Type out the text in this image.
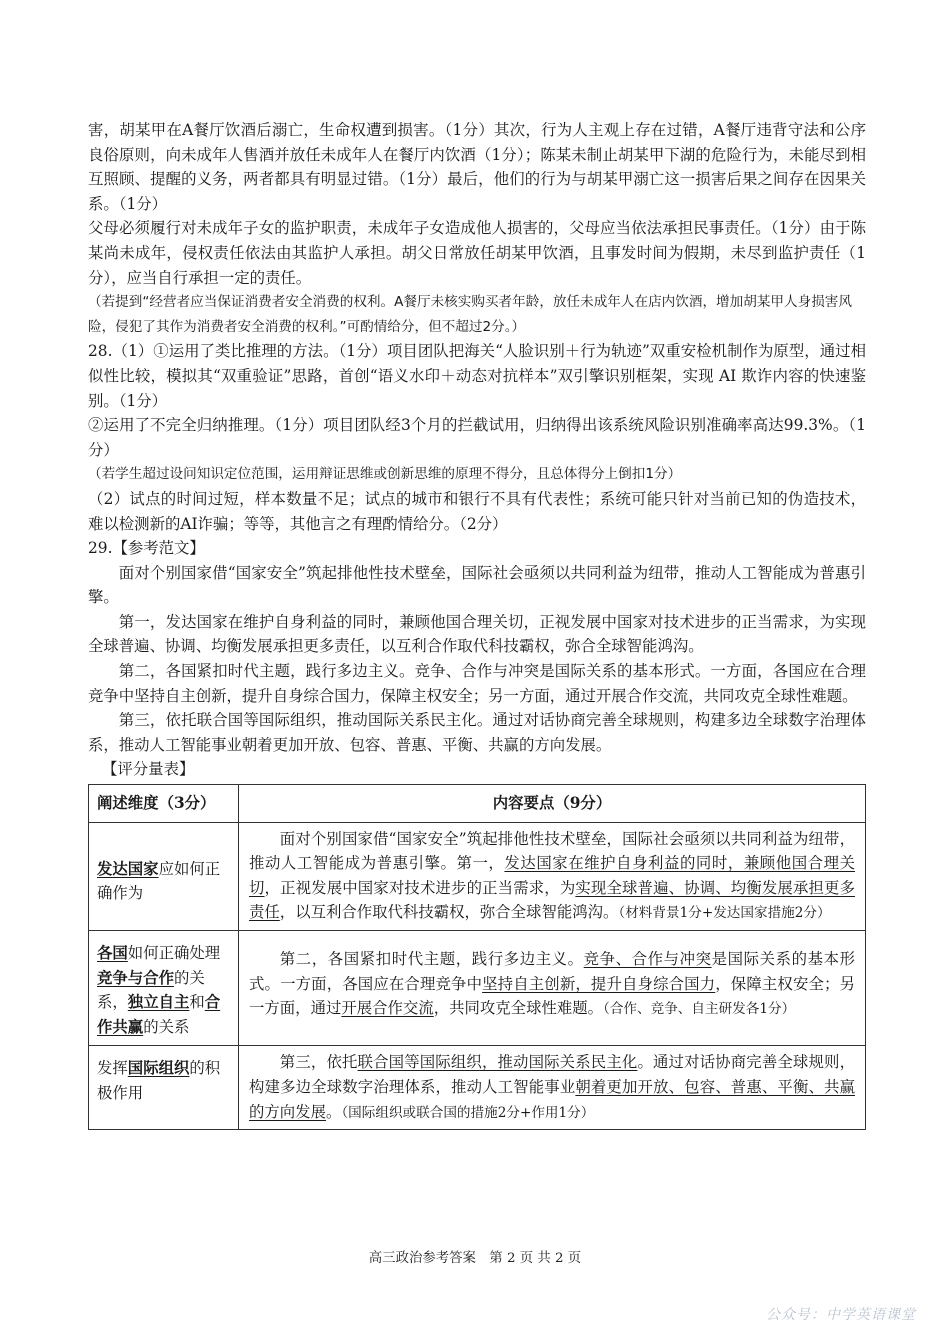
害，胡某甲在A餐厅饮酒后溺亡，生命权遭到损害。（1分）其次，行为人主观上存在过错，A餐厅违背守法和公序良俗原则，向未成年人售酒并放任未成年人在餐厅内饮酒（1分）；陈某未制止胡某甲下湖的危险行为，未能尽到相互照顾、提醒的义务，两者都具有明显过错。（1分）最后，他们的行为与胡某甲溺亡这一损害后果之间存在因果关系。（1分）

父母必须履行对未成年子女的监护职责，未成年子女造成他人损害的，父母应当依法承担民事责任。（1分）由于陈某尚未成年，侵权责任依法由其监护人承担。胡父日常放任胡某甲饮酒，且事发时间为假期，未尽到监护责任（1分），应当自行承担一定的责任。

（若提到“经营者应当保证消费者安全消费的权利。A餐厅未核实购买者年龄，放任未成年人在店内饮酒，增加胡某甲人身损害风险，侵犯了其作为消费者安全消费的权利。”可酌情给分，但不超过2分。）

28.（1）①运用了类比推理的方法。（1分）项目团队把海关“人脸识别＋行为轨迹”双重安检机制作为原型，通过相似性比较，模拟其“双重验证”思路，首创“语义水印＋动态对抗样本”双引擎识别框架，实现 AI 欺诈内容的快速鉴别。（1分）

②运用了不完全归纳推理。（1分）项目团队经3个月的拦截试用，归纳得出该系统风险识别准确率高达99.3%。（1分）

（若学生超过设问知识定位范围，运用辩证思维或创新思维的原理不得分，且总体得分上倒扣1分）

（2）试点的时间过短，样本数量不足；试点的城市和银行不具有代表性；系统可能只针对当前已知的伪造技术，难以检测新的AI诈骗；等等，其他言之有理酌情给分。（2分）

29.【参考范文】

面对个别国家借“国家安全”筑起排他性技术壁垒，国际社会亟须以共同利益为纽带，推动人工智能成为普惠引擎。

第一，发达国家在维护自身利益的同时，兼顾他国合理关切，正视发展中国家对技术进步的正当需求，为实现全球普遍、协调、均衡发展承担更多责任，以互利合作取代科技霸权，弥合全球智能鸿沟。

第二，各国紧扣时代主题，践行多边主义。竞争、合作与冲突是国际关系的基本形式。一方面，各国应在合理竞争中坚持自主创新，提升自身综合国力，保障主权安全；另一方面，通过开展合作交流，共同攻克全球性难题。

第三，依托联合国等国际组织，推动国际关系民主化。通过对话协商完善全球规则，构建多边全球数字治理体系，推动人工智能事业朝着更加开放、包容、普惠、平衡、共赢的方向发展。

【评分量表】

阐述维度（3分）	内容要点（9分）
发达国家应如何正确作为	面对个别国家借“国家安全”筑起排他性技术壁垒，国际社会亟须以共同利益为纽带，推动人工智能成为普惠引擎。第一，发达国家在维护自身利益的同时，兼顾他国合理关切，正视发展中国家对技术进步的正当需求，为实现全球普遍、协调、均衡发展承担更多责任，以互利合作取代科技霸权，弥合全球智能鸿沟。（材料背景1分+发达国家措施2分）
各国如何正确处理竞争与合作的关系，独立自主和合作共赢的关系	第二，各国紧扣时代主题，践行多边主义。竞争、合作与冲突是国际关系的基本形式。一方面，各国应在合理竞争中坚持自主创新，提升自身综合国力，保障主权安全；另一方面，通过开展合作交流，共同攻克全球性难题。（合作、竞争、自主研发各1分）
发挥国际组织的积极作用	第三，依托联合国等国际组织，推动国际关系民主化。通过对话协商完善全球规则，构建多边全球数字治理体系，推动人工智能事业朝着更加开放、包容、普惠、平衡、共赢的方向发展。（国际组织或联合国的措施2分+作用1分）
高三政治参考答案　第 2 页 共 2 页
公众号：中学英语课堂
